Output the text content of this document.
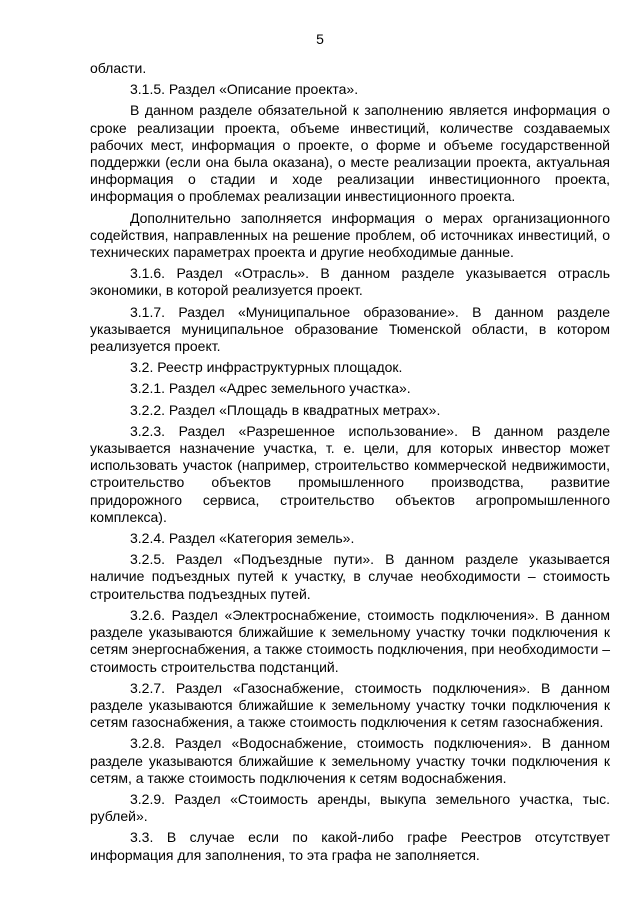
5

области.

3.1.5. Раздел «Описание проекта».

В данном разделе обязательной к заполнению является информация о сроке реализации проекта, объеме инвестиций, количестве создаваемых рабочих мест, информация о проекте, о форме и объеме государственной поддержки (если она была оказана), о месте реализации проекта, актуальная информация о стадии и ходе реализации инвестиционного проекта, информация о проблемах реализации инвестиционного проекта.

Дополнительно заполняется информация о мерах организационного содействия, направленных на решение проблем, об источниках инвестиций, о технических параметрах проекта и другие необходимые данные.

3.1.6. Раздел «Отрасль». В данном разделе указывается отрасль экономики, в которой реализуется проект.

3.1.7. Раздел «Муниципальное образование». В данном разделе указывается муниципальное образование Тюменской области, в котором реализуется проект.

3.2. Реестр инфраструктурных площадок.

3.2.1. Раздел «Адрес земельного участка».

3.2.2. Раздел «Площадь в квадратных метрах».

3.2.3. Раздел «Разрешенное использование». В данном разделе указывается назначение участка, т. е. цели, для которых инвестор может использовать участок (например, строительство коммерческой недвижимости, строительство объектов промышленного производства, развитие придорожного сервиса, строительство объектов агропромышленного комплекса).

3.2.4. Раздел «Категория земель».

3.2.5. Раздел «Подъездные пути». В данном разделе указывается наличие подъездных путей к участку, в случае необходимости – стоимость строительства подъездных путей.

3.2.6. Раздел «Электроснабжение, стоимость подключения». В данном разделе указываются ближайшие к земельному участку точки подключения к сетям энергоснабжения, а также стоимость подключения, при необходимости – стоимость строительства подстанций.

3.2.7. Раздел «Газоснабжение, стоимость подключения». В данном разделе указываются ближайшие к земельному участку точки подключения к сетям газоснабжения, а также стоимость подключения к сетям газоснабжения.

3.2.8. Раздел «Водоснабжение, стоимость подключения». В данном разделе указываются ближайшие к земельному участку точки подключения к сетям, а также стоимость подключения к сетям водоснабжения.

3.2.9. Раздел «Стоимость аренды, выкупа земельного участка, тыс. рублей».

3.3. В случае если по какой-либо графе Реестров отсутствует информация для заполнения, то эта графа не заполняется.
